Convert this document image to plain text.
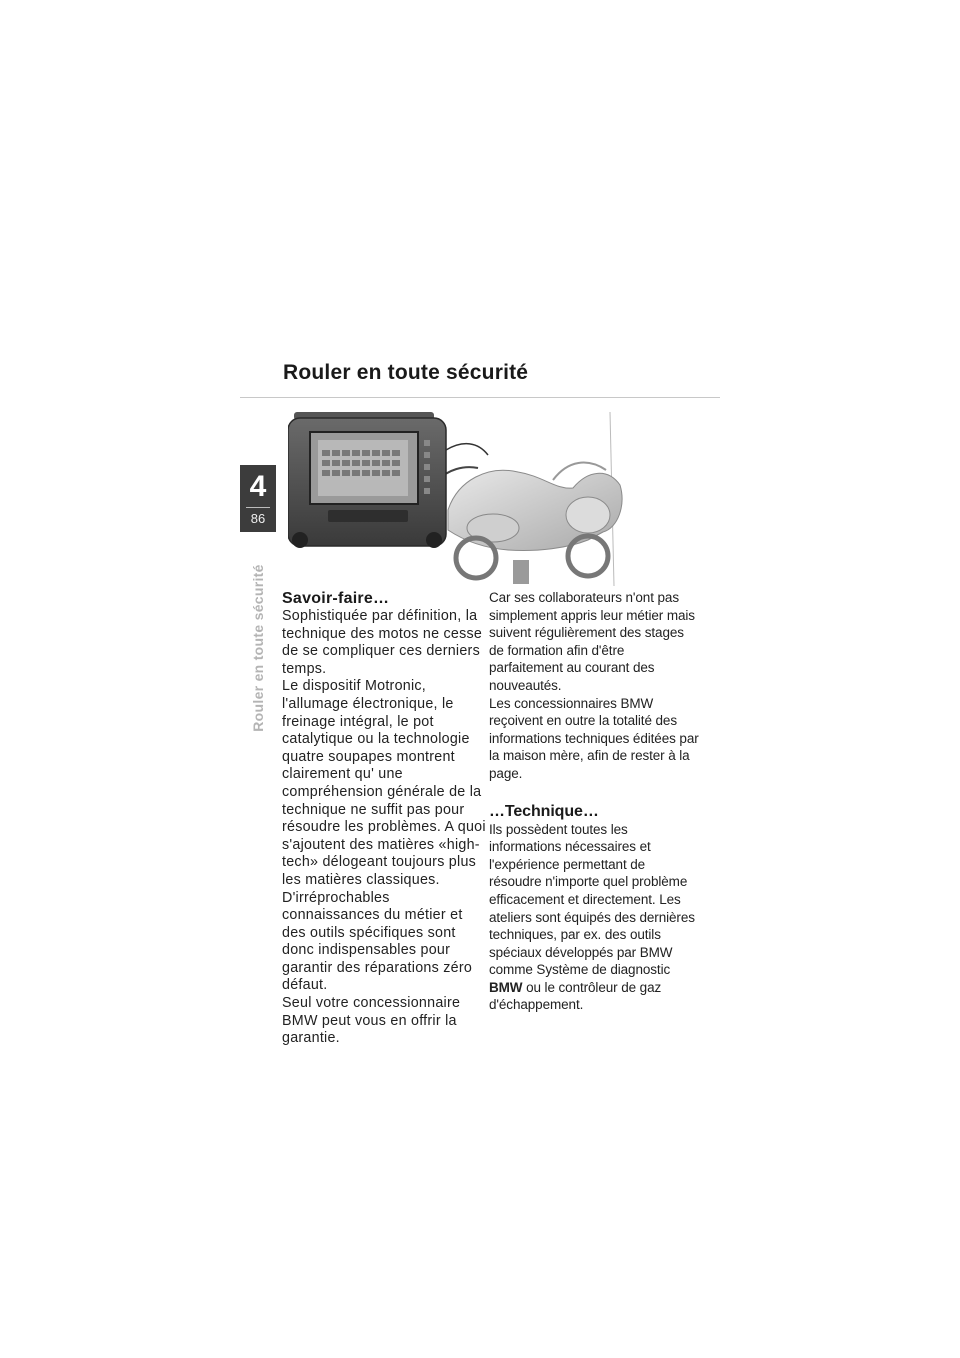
Rouler en toute sécurité
4
86
Rouler en toute sécurité Savoir-faire…

Sophistiquée par définition, la technique des motos ne cesse de se compliquer ces derniers temps.

Le dispositif Motronic, l'allumage électronique, le freinage intégral, le pot catalytique ou la technologie quatre soupapes montrent clairement qu' une compréhension générale de la technique ne suffit pas pour résoudre les problèmes. A quoi s'ajoutent des matières «high-tech» délogeant toujours plus les matières classiques. D'irréprochables connaissances du métier et des outils spécifiques sont donc indispensables pour garantir des réparations zéro défaut.

Seul votre concessionnaire BMW peut vous en offrir la garantie.

Car ses collaborateurs n'ont pas simplement appris leur métier mais suivent régulièrement des stages de formation afin d'être parfaitement au courant des nouveautés.

Les concessionnaires BMW reçoivent en outre la totalité des informations techniques éditées par la maison mère, afin de rester à la page.

…Technique…

Ils possèdent toutes les informations nécessaires et l'expérience permettant de résoudre n'importe quel problème efficacement et directement. Les ateliers sont équipés des dernières techniques, par ex. des outils spéciaux développés par BMW comme Système de diagnostic BMW ou le contrôleur de gaz d'échappement.
